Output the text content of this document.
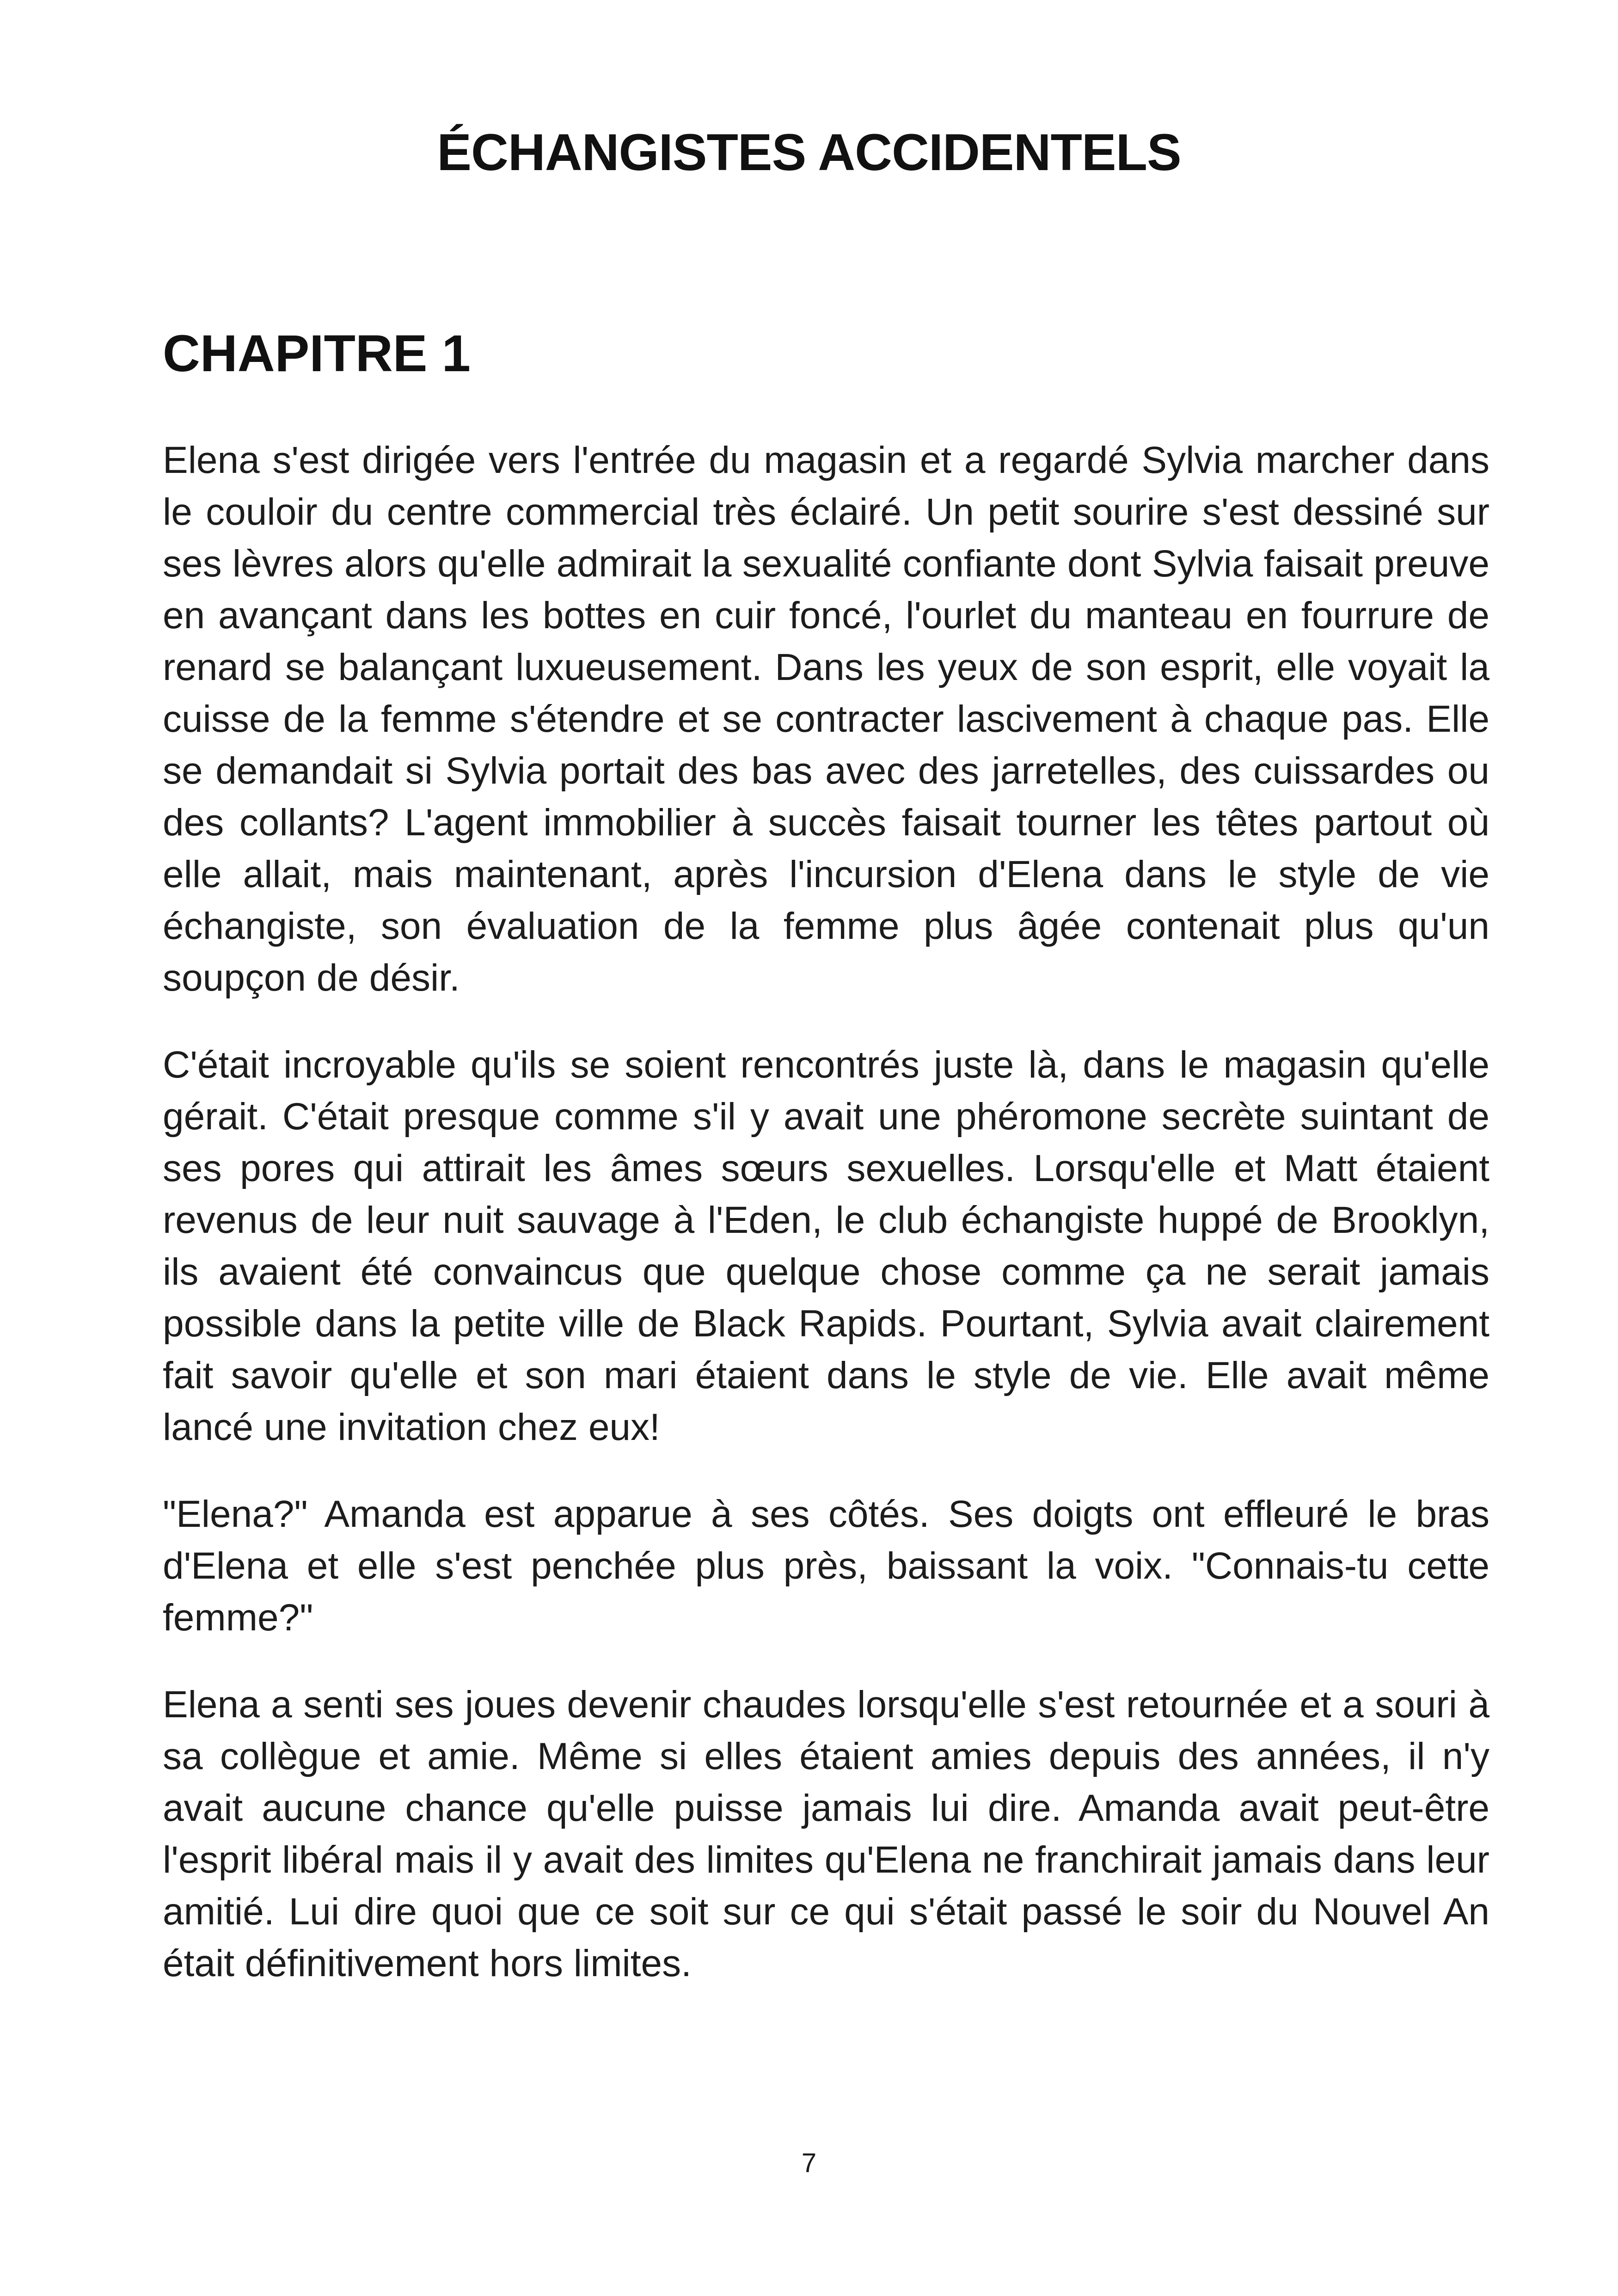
ÉCHANGISTES ACCIDENTELS
CHAPITRE 1

Elena s'est dirigée vers l'entrée du magasin et a regardé Sylvia marcher dans le couloir du centre commercial très éclairé. Un petit sourire s'est dessiné sur ses lèvres alors qu'elle admirait la sexualité confiante dont Sylvia faisait preuve en avançant dans les bottes en cuir foncé, l'ourlet du manteau en fourrure de renard se balançant luxueusement. Dans les yeux de son esprit, elle voyait la cuisse de la femme s'étendre et se contracter lascivement à chaque pas. Elle se demandait si Sylvia portait des bas avec des jarretelles, des cuissardes ou des collants? L'agent immobilier à succès faisait tourner les têtes partout où elle allait, mais maintenant, après l'incursion d'Elena dans le style de vie échangiste, son évaluation de la femme plus âgée contenait plus qu'un soupçon de désir.

C'était incroyable qu'ils se soient rencontrés juste là, dans le magasin qu'elle gérait. C'était presque comme s'il y avait une phéromone secrète suintant de ses pores qui attirait les âmes sœurs sexuelles. Lorsqu'elle et Matt étaient revenus de leur nuit sauvage à l'Eden, le club échangiste huppé de Brooklyn, ils avaient été convaincus que quelque chose comme ça ne serait jamais possible dans la petite ville de Black Rapids. Pourtant, Sylvia avait clairement fait savoir qu'elle et son mari étaient dans le style de vie. Elle avait même lancé une invitation chez eux!

"Elena?" Amanda est apparue à ses côtés. Ses doigts ont effleuré le bras d'Elena et elle s'est penchée plus près, baissant la voix. "Connais-tu cette femme?"

Elena a senti ses joues devenir chaudes lorsqu'elle s'est retournée et a souri à sa collègue et amie. Même si elles étaient amies depuis des années, il n'y avait aucune chance qu'elle puisse jamais lui dire. Amanda avait peut-être l'esprit libéral mais il y avait des limites qu'Elena ne franchirait jamais dans leur amitié. Lui dire quoi que ce soit sur ce qui s'était passé le soir du Nouvel An était définitivement hors limites.

7
